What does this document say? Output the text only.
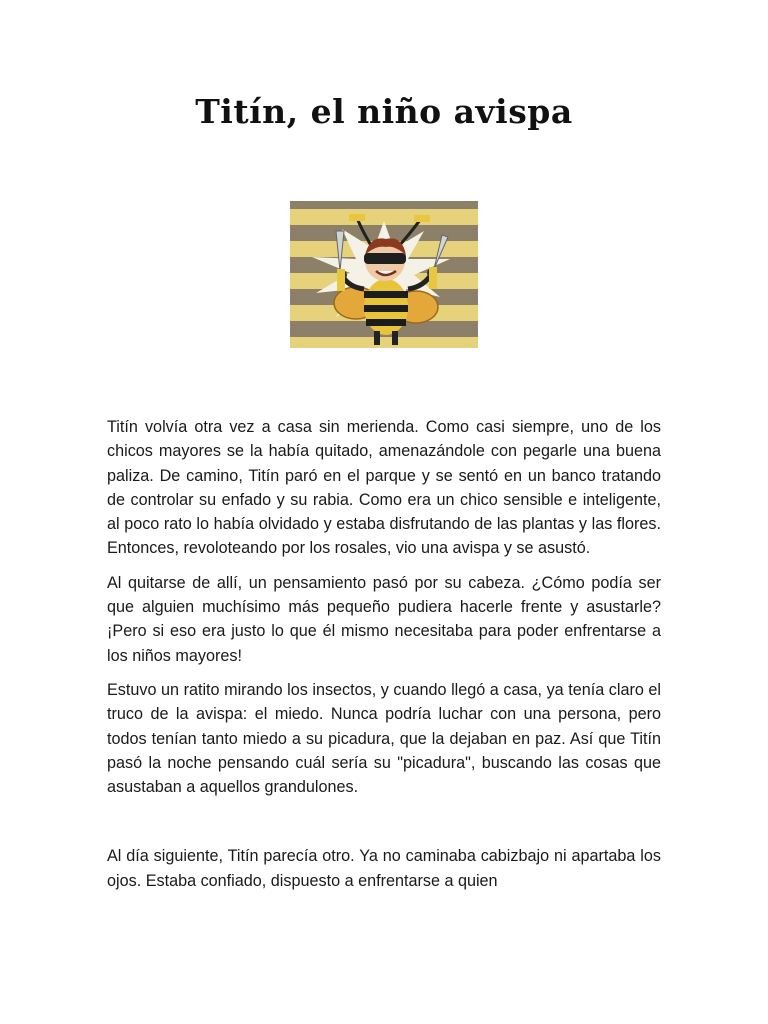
Titín, el niño avispa

Titín volvía otra vez a casa sin merienda. Como casi siempre, uno de los chicos mayores se la había quitado, amenazándole con pegarle una buena paliza. De camino, Titín paró en el parque y se sentó en un banco tratando de controlar su enfado y su rabia. Como era un chico sensible e inteligente, al poco rato lo había olvidado y estaba disfrutando de las plantas y las flores. Entonces, revoloteando por los rosales, vio una avispa y se asustó.

Al quitarse de allí, un pensamiento pasó por su cabeza. ¿Cómo podía ser que alguien muchísimo más pequeño pudiera hacerle frente y asustarle? ¡Pero si eso era justo lo que él mismo necesitaba para poder enfrentarse a los niños mayores!

Estuvo un ratito mirando los insectos, y cuando llegó a casa, ya tenía claro el truco de la avispa: el miedo. Nunca podría luchar con una persona, pero todos tenían tanto miedo a su picadura, que la dejaban en paz. Así que Titín pasó la noche pensando cuál sería su "picadura", buscando las cosas que asustaban a aquellos grandulones.

Al día siguiente, Titín parecía otro. Ya no caminaba cabizbajo ni apartaba los ojos. Estaba confiado, dispuesto a enfrentarse a quien
